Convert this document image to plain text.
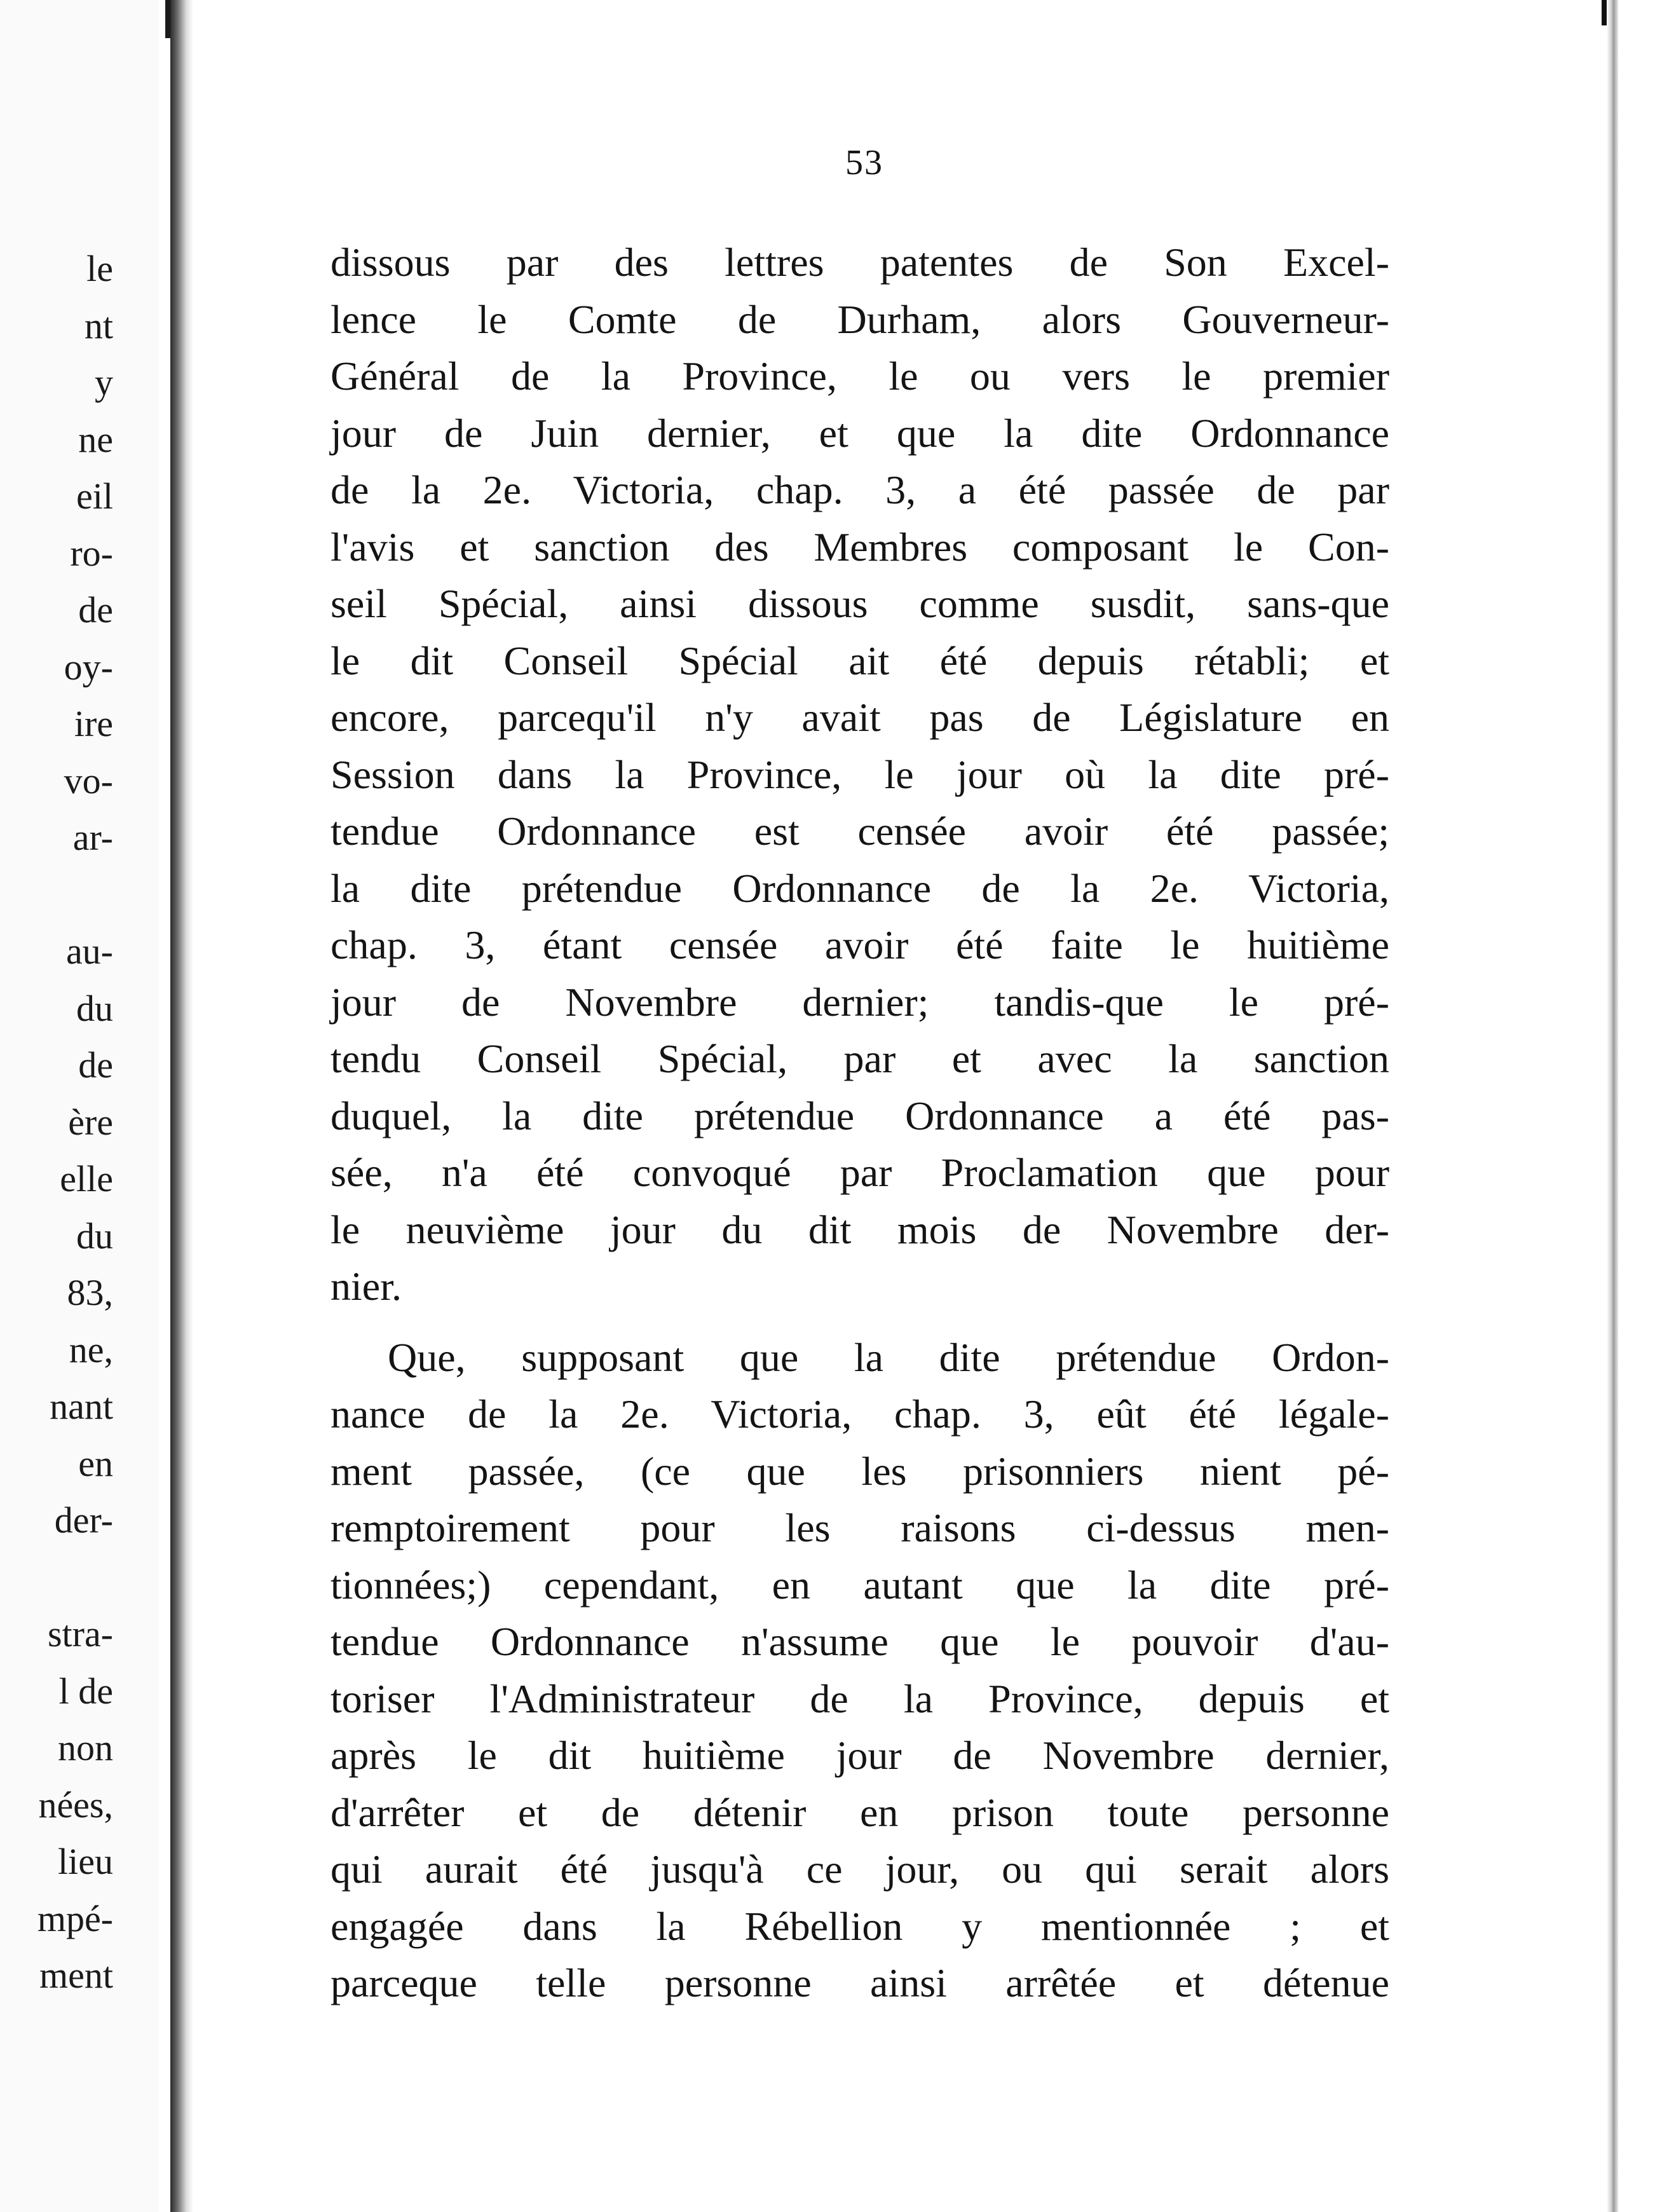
le
nt
y
ne
eil
ro-
de
oy-
ire
vo-
ar-
au-
du
de
ère
elle
du
83,
ne,
nant
en
der-
stra-
l de
non
nées,
lieu
mpé-
ment
53
dissous par des lettres patentes de Son Excel-
lence le Comte de Durham, alors Gouverneur-
Général de la Province, le ou vers le premier
jour de Juin dernier, et que la dite Ordonnance
de la 2e. Victoria, chap. 3, a été passée de par
l'avis et sanction des Membres composant le Con-
seil Spécial, ainsi dissous comme susdit, sans-que
le dit Conseil Spécial ait été depuis rétabli; et
encore, parcequ'il n'y avait pas de Législature en
Session dans la Province, le jour où la dite pré-
tendue Ordonnance est censée avoir été passée;
la dite prétendue Ordonnance de la 2e. Victoria,
chap. 3, étant censée avoir été faite le huitième
jour de Novembre dernier; tandis-que le pré-
tendu Conseil Spécial, par et avec la sanction
duquel, la dite prétendue Ordonnance a été pas-
sée, n'a été convoqué par Proclamation que pour
le neuvième jour du dit mois de Novembre der-
nier.
Que, supposant que la dite prétendue Ordon-
nance de la 2e. Victoria, chap. 3, eût été légale-
ment passée, (ce que les prisonniers nient pé-
remptoirement pour les raisons ci-dessus men-
tionnées;) cependant, en autant que la dite pré-
tendue Ordonnance n'assume que le pouvoir d'au-
toriser l'Administrateur de la Province, depuis et
après le dit huitième jour de Novembre dernier,
d'arrêter et de détenir en prison toute personne
qui aurait été jusqu'à ce jour, ou qui serait alors
engagée dans la Rébellion y mentionnée ; et
parceque telle personne ainsi arrêtée et détenue
